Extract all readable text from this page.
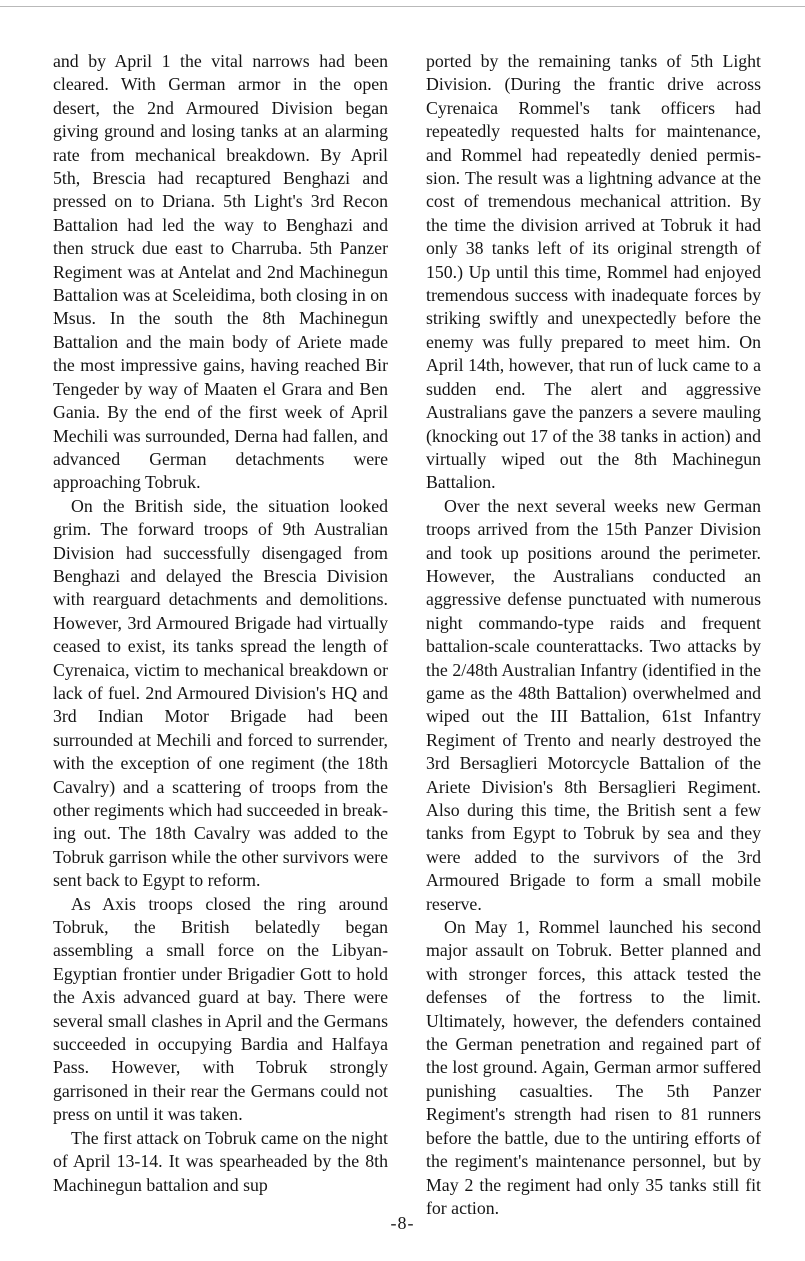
and by April 1 the vital narrows had been cleared. With German armor in the open desert, the 2nd Armoured Division began giving ground and losing tanks at an alarming rate from mechanical breakdown. By April 5th, Brescia had recaptured Benghazi and pressed on to Driana. 5th Light's 3rd Recon Battalion had led the way to Benghazi and then struck due east to Charruba. 5th Panzer Regiment was at Antelat and 2nd Machinegun Battalion was at Sceleidima, both closing in on Msus. In the south the 8th Machinegun Battalion and the main body of Ariete made the most impressive gains, having reached Bir Tengeder by way of Maaten el Grara and Ben Gania. By the end of the first week of April Mechili was surrounded, Derna had fallen, and advanced German detachments were approaching Tobruk.

On the British side, the situation looked grim. The forward troops of 9th Australian Division had successfully disengaged from Benghazi and delayed the Brescia Division with rearguard detachments and demolitions. However, 3rd Armoured Brigade had virtually ceased to exist, its tanks spread the length of Cyrenaica, victim to mechanical breakdown or lack of fuel. 2nd Armoured Division's HQ and 3rd Indian Motor Brigade had been surrounded at Mechili and forced to surrender, with the exception of one regiment (the 18th Cavalry) and a scattering of troops from the other regiments which had succeeded in breaking out. The 18th Cavalry was added to the Tobruk garrison while the other survivors were sent back to Egypt to reform.

As Axis troops closed the ring around Tobruk, the British belatedly began assembling a small force on the Libyan-Egyptian frontier under Brigadier Gott to hold the Axis advanced guard at bay. There were several small clashes in April and the Germans succeeded in occupying Bardia and Halfaya Pass. However, with Tobruk strongly garrisoned in their rear the Germans could not press on until it was taken.

The first attack on Tobruk came on the night of April 13-14. It was spearheaded by the 8th Machinegun battalion and sup

ported by the remaining tanks of 5th Light Division. (During the frantic drive across Cyrenaica Rommel's tank officers had repeatedly requested halts for maintenance, and Rommel had repeatedly denied permission. The result was a lightning advance at the cost of tremendous mechanical attrition. By the time the division arrived at Tobruk it had only 38 tanks left of its original strength of 150.) Up until this time, Rommel had enjoyed tremendous success with inadequate forces by striking swiftly and unexpectedly before the enemy was fully prepared to meet him. On April 14th, however, that run of luck came to a sudden end. The alert and aggressive Australians gave the panzers a severe mauling (knocking out 17 of the 38 tanks in action) and virtually wiped out the 8th Machinegun Battalion.

Over the next several weeks new German troops arrived from the 15th Panzer Division and took up positions around the perimeter. However, the Australians conducted an aggressive defense punctuated with numerous night commando-type raids and frequent battalion-scale counterattacks. Two attacks by the 2/48th Australian Infantry (identified in the game as the 48th Battalion) overwhelmed and wiped out the III Battalion, 61st Infantry Regiment of Trento and nearly destroyed the 3rd Bersaglieri Motorcycle Battalion of the Ariete Division's 8th Bersaglieri Regiment. Also during this time, the British sent a few tanks from Egypt to Tobruk by sea and they were added to the survivors of the 3rd Armoured Brigade to form a small mobile reserve.

On May 1, Rommel launched his second major assault on Tobruk. Better planned and with stronger forces, this attack tested the defenses of the fortress to the limit. Ultimately, however, the defenders contained the German penetration and regained part of the lost ground. Again, German armor suffered punishing casualties. The 5th Panzer Regiment's strength had risen to 81 runners before the battle, due to the untiring efforts of the regiment's maintenance personnel, but by May 2 the regiment had only 35 tanks still fit for action.

-8-
